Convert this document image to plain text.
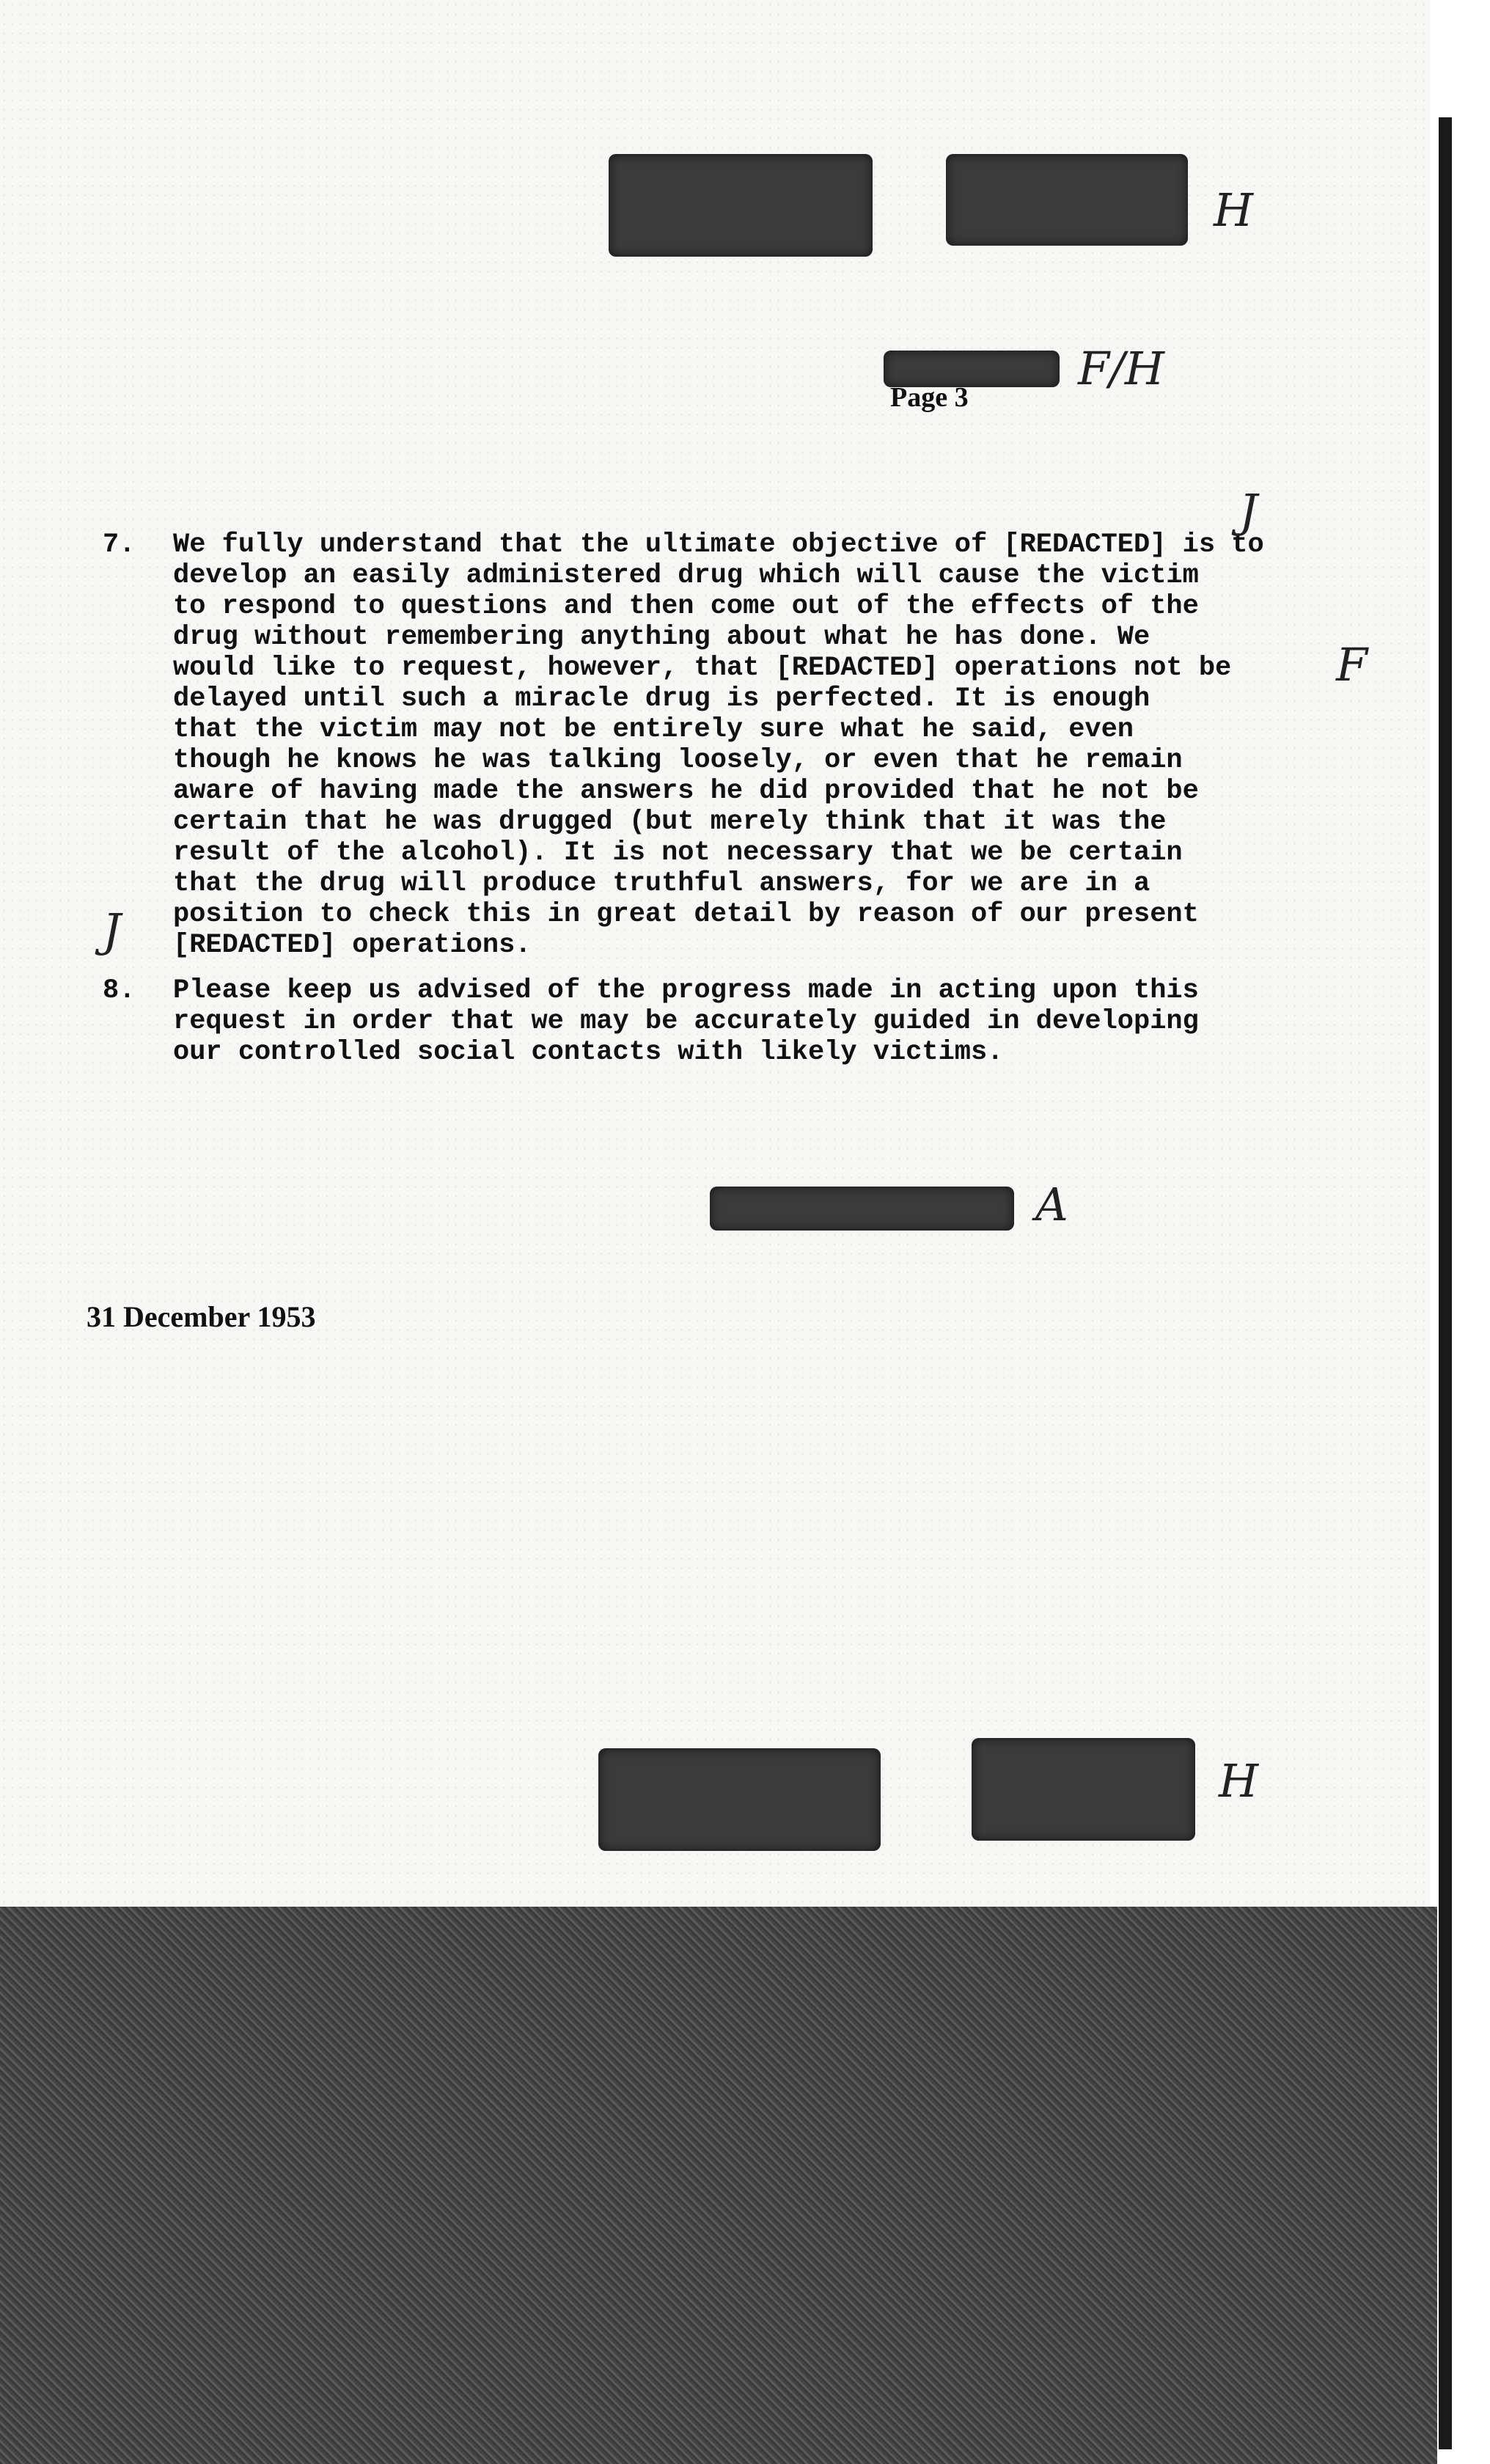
H
F/H
Page 3
7. We fully understand that the ultimate objective of [REDACTED] is to
develop an easily administered drug which will cause the victim
to respond to questions and then come out of the effects of the
drug without remembering anything about what he has done. We
would like to request, however, that [REDACTED] operations not be
delayed until such a miracle drug is perfected. It is enough
that the victim may not be entirely sure what he said, even
though he knows he was talking loosely, or even that he remain
aware of having made the answers he did provided that he not be
certain that he was drugged (but merely think that it was the
result of the alcohol). It is not necessary that we be certain
that the drug will produce truthful answers, for we are in a
position to check this in great detail by reason of our present
[REDACTED] operations.
J
F
J
8. Please keep us advised of the progress made in acting upon this
request in order that we may be accurately guided in developing
our controlled social contacts with likely victims.
A
31 December 1953
H
